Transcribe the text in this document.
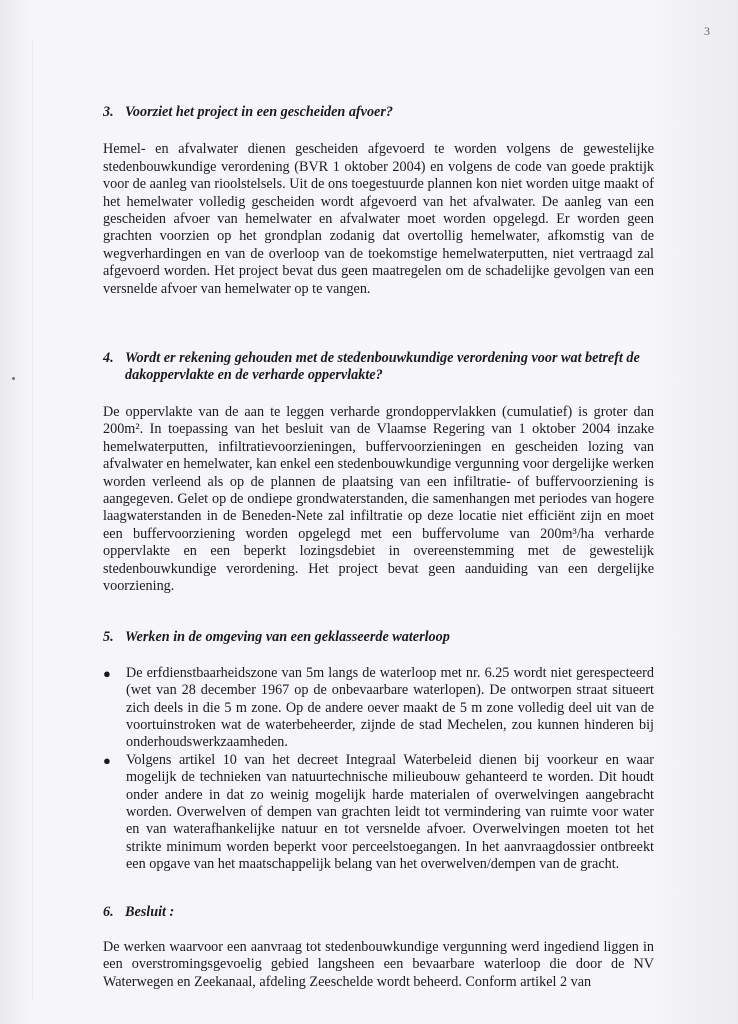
3
3. Voorziet het project in een gescheiden afvoer?

Hemel- en afvalwater dienen gescheiden afgevoerd te worden volgens de gewestelijke stedenbouwkundige verordening (BVR 1 oktober 2004) en volgens de code van goede praktijk voor de aanleg van rioolstelsels. Uit de ons toegestuurde plannen kon niet worden uitge maakt of het hemelwater volledig gescheiden wordt afgevoerd van het afvalwater. De aanleg van een gescheiden afvoer van hemelwater en afvalwater moet worden opgelegd. Er worden geen grachten voorzien op het grondplan zodanig dat overtollig hemelwater, afkomstig van de wegverhardingen en van de overloop van de toekomstige hemelwaterputten, niet vertraagd zal afgevoerd worden. Het project bevat dus geen maatregelen om de schadelijke gevolgen van een versnelde afvoer van hemelwater op te vangen.

4. Wordt er rekening gehouden met de stedenbouwkundige verordening voor wat betreft de dakoppervlakte en de verharde oppervlakte?

De oppervlakte van de aan te leggen verharde grondoppervlakken (cumulatief) is groter dan 200m². In toepassing van het besluit van de Vlaamse Regering van 1 oktober 2004 inzake hemelwaterputten, infiltratievoorzieningen, buffervoorzieningen en gescheiden lozing van afvalwater en hemelwater, kan enkel een stedenbouwkundige vergunning voor dergelijke werken worden verleend als op de plannen de plaatsing van een infiltratie- of buffervoorziening is aangegeven. Gelet op de ondiepe grondwaterstanden, die samenhangen met periodes van hogere laagwaterstanden in de Beneden-Nete zal infiltratie op deze locatie niet efficiënt zijn en moet een buffervoorziening worden opgelegd met een buffervolume van 200m³/ha verharde oppervlakte en een beperkt lozingsdebiet in overeenstemming met de gewestelijk stedenbouwkundige verordening. Het project bevat geen aanduiding van een dergelijke voorziening.

5. Werken in de omgeving van een geklasseerde waterloop
●	De erfdienstbaarheidszone van 5m langs de waterloop met nr. 6.25 wordt niet gerespecteerd (wet van 28 december 1967 op de onbevaarbare waterlopen). De ontworpen straat situeert zich deels in die 5 m zone. Op de andere oever maakt de 5 m zone volledig deel uit van de voortuinstroken wat de waterbeheerder, zijnde de stad Mechelen, zou kunnen hinderen bij onderhoudswerkzaamheden.
●	Volgens artikel 10 van het decreet Integraal Waterbeleid dienen bij voorkeur en waar mogelijk de technieken van natuurtechnische milieubouw gehanteerd te worden. Dit houdt onder andere in dat zo weinig mogelijk harde materialen of overwelvingen aangebracht worden. Overwelven of dempen van grachten leidt tot vermindering van ruimte voor water en van waterafhankelijke natuur en tot versnelde afvoer. Overwelvingen moeten tot het strikte minimum worden beperkt voor perceelstoegangen. In het aanvraagdossier ontbreekt een opgave van het maatschappelijk belang van het overwelven/dempen van de gracht.
6. Besluit :

De werken waarvoor een aanvraag tot stedenbouwkundige vergunning werd ingediend liggen in een overstromingsgevoelig gebied langsheen een bevaarbare waterloop die door de NV Waterwegen en Zeekanaal, afdeling Zeeschelde wordt beheerd. Conform artikel 2 van
